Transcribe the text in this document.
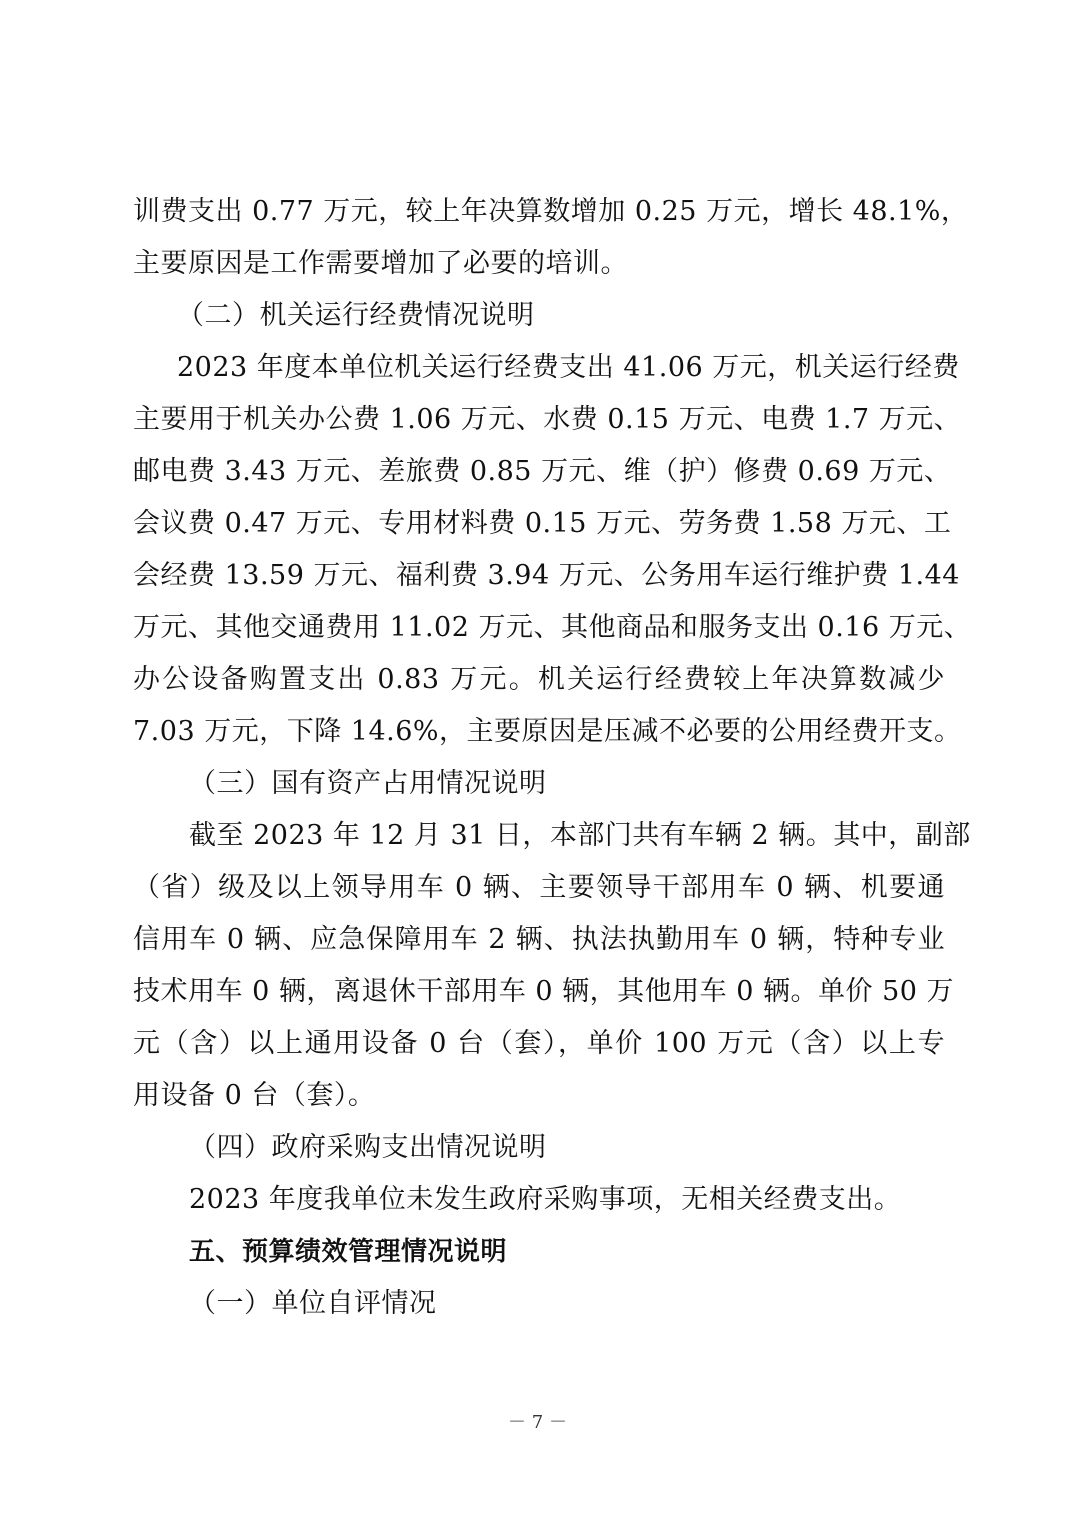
训费支出 0.77 万元，较上年决算数增加 0.25 万元，增长 48.1%，
主要原因是工作需要增加了必要的培训。
（二）机关运行经费情况说明
2023 年度本单位机关运行经费支出 41.06 万元，机关运行经费
主要用于机关办公费 1.06 万元、水费 0.15 万元、电费 1.7 万元、
邮电费 3.43 万元、差旅费 0.85 万元、维（护）修费 0.69 万元、
会议费 0.47 万元、专用材料费 0.15 万元、劳务费 1.58 万元、工
会经费 13.59 万元、福利费 3.94 万元、公务用车运行维护费 1.44
万元、其他交通费用 11.02 万元、其他商品和服务支出 0.16 万元、
办公设备购置支出 0.83 万元。机关运行经费较上年决算数减少
7.03 万元，下降 14.6%，主要原因是压减不必要的公用经费开支。
（三）国有资产占用情况说明
截至 2023 年 12 月 31 日，本部门共有车辆 2 辆。其中，副部
（省）级及以上领导用车 0 辆、主要领导干部用车 0 辆、机要通
信用车 0 辆、应急保障用车 2 辆、执法执勤用车 0 辆，特种专业
技术用车 0 辆，离退休干部用车 0 辆，其他用车 0 辆。单价 50 万
元（含）以上通用设备 0 台（套），单价 100 万元（含）以上专
用设备 0 台（套）。
（四）政府采购支出情况说明
2023 年度我单位未发生政府采购事项，无相关经费支出。
五、预算绩效管理情况说明
（一）单位自评情况
－ 7 －
